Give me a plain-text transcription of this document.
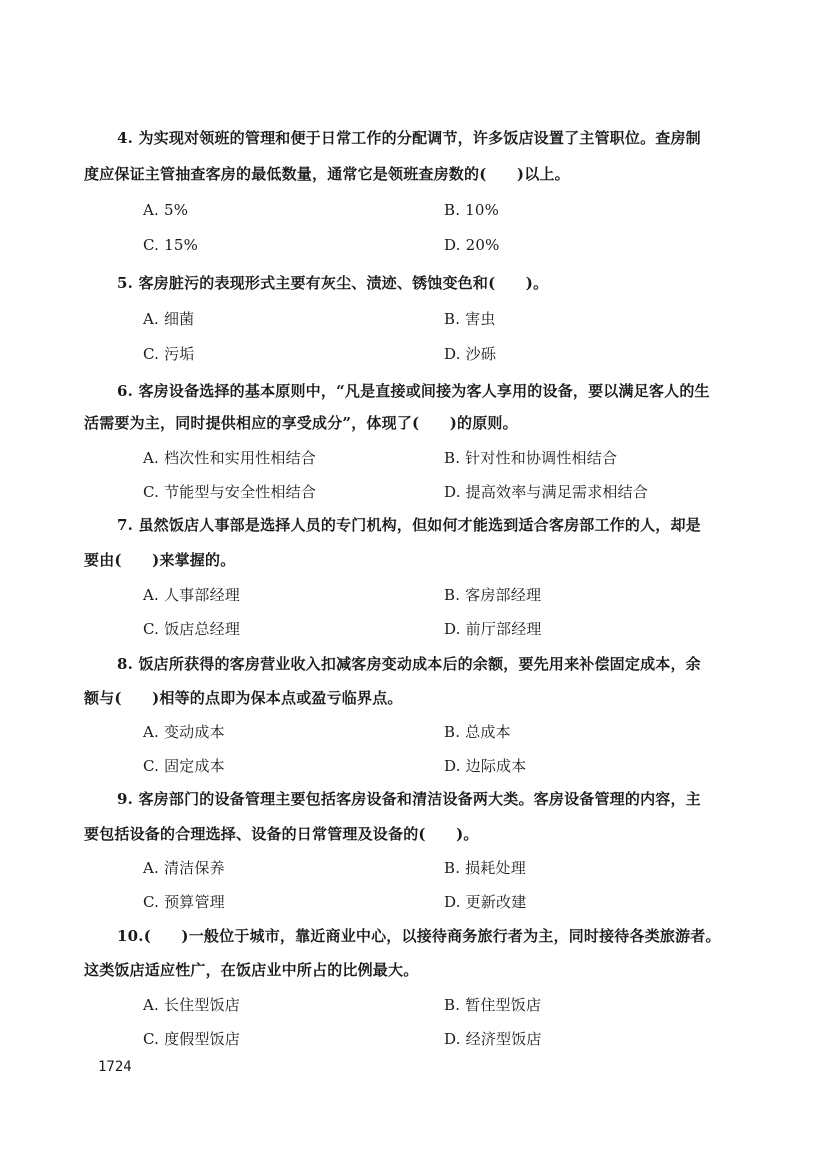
4. 为实现对领班的管理和便于日常工作的分配调节，许多饭店设置了主管职位。查房制
度应保证主管抽查客房的最低数量，通常它是领班查房数的(　　)以上。
A. 5%	B. 10%
C. 15%	D. 20%
5. 客房脏污的表现形式主要有灰尘、渍迹、锈蚀变色和(　　)。
A. 细菌	B. 害虫
C. 污垢	D. 沙砾
6. 客房设备选择的基本原则中，“凡是直接或间接为客人享用的设备，要以满足客人的生
活需要为主，同时提供相应的享受成分”，体现了(　　)的原则。
A. 档次性和实用性相结合	B. 针对性和协调性相结合
C. 节能型与安全性相结合	D. 提高效率与满足需求相结合
7. 虽然饭店人事部是选择人员的专门机构，但如何才能选到适合客房部工作的人，却是
要由(　　)来掌握的。
A. 人事部经理	B. 客房部经理
C. 饭店总经理	D. 前厅部经理
8. 饭店所获得的客房营业收入扣减客房变动成本后的余额，要先用来补偿固定成本，余
额与(　　)相等的点即为保本点或盈亏临界点。
A. 变动成本	B. 总成本
C. 固定成本	D. 边际成本
9. 客房部门的设备管理主要包括客房设备和清洁设备两大类。客房设备管理的内容，主
要包括设备的合理选择、设备的日常管理及设备的(　　)。
A. 清洁保养	B. 损耗处理
C. 预算管理	D. 更新改建
10.(　　)一般位于城市，靠近商业中心，以接待商务旅行者为主，同时接待各类旅游者。
这类饭店适应性广，在饭店业中所占的比例最大。
A. 长住型饭店	B. 暂住型饭店
C. 度假型饭店	D. 经济型饭店
1724
